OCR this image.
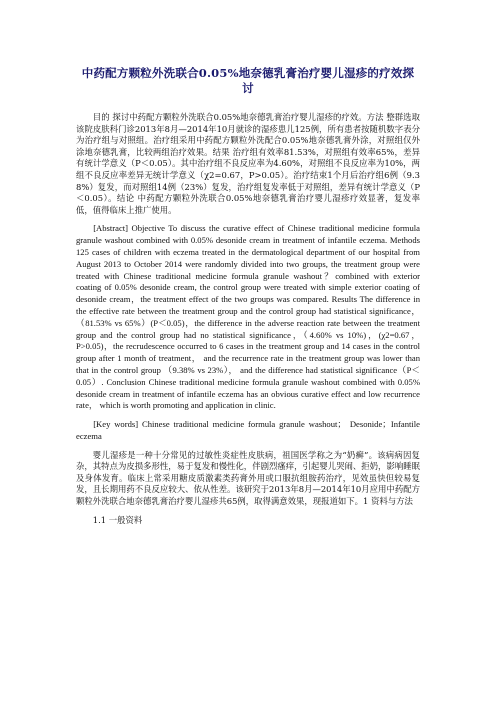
中药配方颗粒外洗联合0.05%地奈德乳膏治疗婴儿湿疹的疗效探讨

目的 探讨中药配方颗粒外洗联合0.05%地奈德乳膏治疗婴儿湿疹的疗效。方法 整群选取该院皮肤科门诊2013年8月—2014年10月就诊的湿疹患儿125例，所有患者按随机数字表分为治疗组与对照组。治疗组采用中药配方颗粒外洗配合0.05%地奈德乳膏外涂，对照组仅外涂地奈德乳膏，比较两组治疗效果。结果 治疗组有效率81.53%，对照组有效率65%，差异有统计学意义（P＜0.05）。其中治疗组不良反应率为4.60%，对照组不良反应率为10%，两组不良反应率差异无统计学意义（χ2=0.67，P>0.05）。治疗结束1个月后治疗组6例（9.38%）复发，而对照组14例（23%）复发，治疗组复发率低于对照组，差异有统计学意义（P＜0.05）。结论 中药配方颗粒外洗联合0.05%地奈德乳膏治疗婴儿湿疹疗效显著，复发率低，值得临床上推广使用。

[Abstract] Objective To discuss the curative effect of Chinese traditional medicine formula granule washout combined with 0.05% desonide cream in treatment of infantile eczema. Methods 125 cases of children with eczema treated in the dermatological department of our hospital from August 2013 to October 2014 were randomly divided into two groups, the treatment group were treated with Chinese traditional medicine formula granule washout？combined with exterior coating of 0.05% desonide cream, the control group were treated with simple exterior coating of desonide cream，the treatment effect of the two groups was compared. Results The difference in the effective rate between the treatment group and the control group had statistical significance，（81.53% vs 65%）(P＜0.05)，the difference in the adverse reaction rate between the treatment group and the control group had no statistical significance，（4.60% vs 10%)，(χ2=0.67，P>0.05)，the recrudescence occurred to 6 cases in the treatment group and 14 cases in the control group after 1 month of treatment， and the recurrence rate in the treatment group was lower than that in the control group （9.38% vs 23%）， and the difference had statistical significance（P＜0.05）. Conclusion Chinese traditional medicine formula granule washout combined with 0.05% desonide cream in treatment of infantile eczema has an obvious curative effect and low recurrence rate， which is worth promoting and application in clinic.

[Key words] Chinese traditional medicine formula granule washout； Desonide；Infantile eczema

婴儿湿疹是一种十分常见的过敏性炎症性皮肤病，祖国医学称之为“奶癣”。该病病因复杂，其特点为皮损多形性，易于复发和慢性化，伴剧烈瘙痒，引起婴儿哭闹、拒奶，影响睡眠及身体发育。临床上常采用糖皮质激素类药膏外用或口服抗组胺药治疗，见效虽快但较易复发，且长期用药不良反应较大、依从性差。该研究于2013年8月—2014年10月应用中药配方颗粒外洗联合地奈德乳膏治疗婴儿湿疹共65例，取得满意效果，现报道如下。1 资料与方法

1.1 一般资料
